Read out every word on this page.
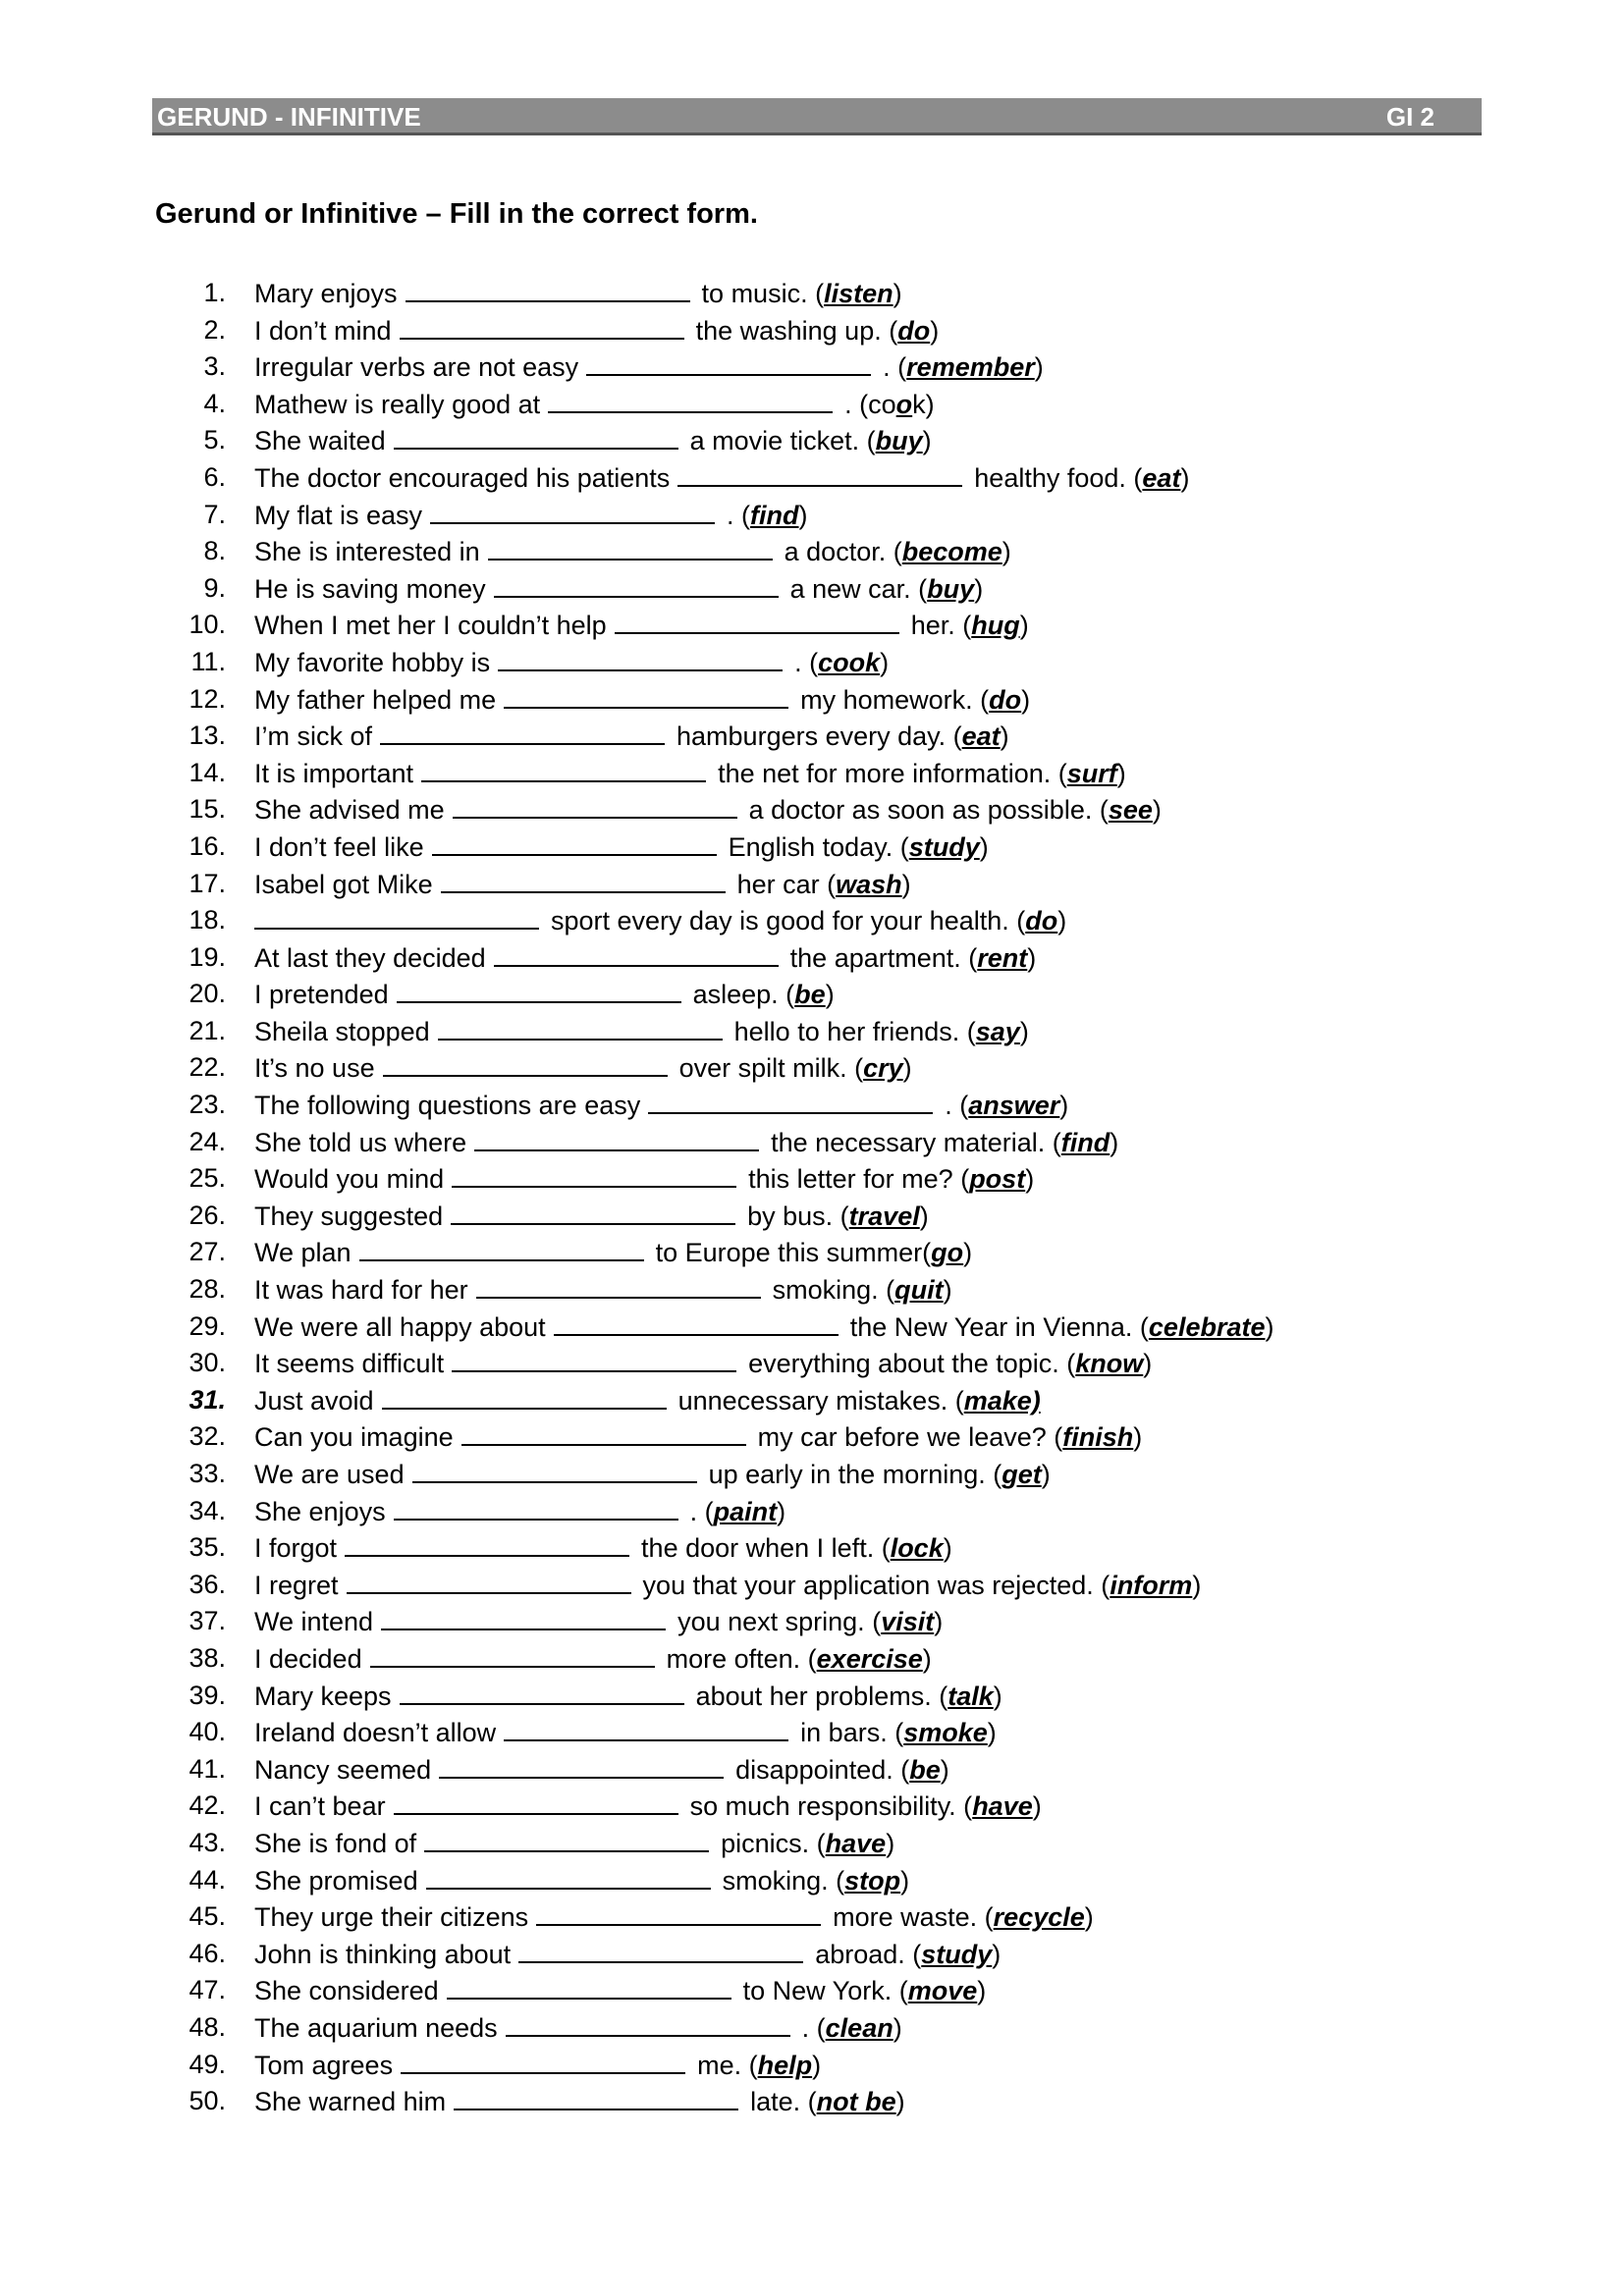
GERUND - INFINITIVE	GI 2
Gerund or Infinitive – Fill in the correct form.
1. Mary enjoys	to music. (listen)
2. I don’t mind	the washing up. (do)
3. Irregular verbs are not easy	. (remember)
4. Mathew is really good at	. (cook)
5. She waited	a movie ticket. (buy)
6. The doctor encouraged his patients	healthy food. (eat)
7. My flat is easy	. (find)
8. She is interested in	a doctor. (become)
9. He is saving money	a new car. (buy)
10. When I met her I couldn’t help	her. (hug)
11. My favorite hobby is	. (cook)
12. My father helped me	my homework. (do)
13. I’m sick of	hamburgers every day. (eat)
14. It is important	the net for more information. (surf)
15. She advised me	a doctor as soon as possible. (see)
16. I don’t feel like	English today. (study)
17. Isabel got Mike	her car (wash)
18.	sport every day is good for your health. (do)
19. At last they decided	the apartment. (rent)
20. I pretended	asleep. (be)
21. Sheila stopped	hello to her friends. (say)
22. It’s no use	over spilt milk. (cry)
23. The following questions are easy	. (answer)
24. She told us where	the necessary material. (find)
25. Would you mind	this letter for me? (post)
26. They suggested	by bus. (travel)
27. We plan	to Europe this summer(go)
28. It was hard for her	smoking. (quit)
29. We were all happy about	the New Year in Vienna. (celebrate)
30. It seems difficult	everything about the topic. (know)
31. Just avoid	unnecessary mistakes. (make)
32. Can you imagine	my car before we leave? (finish)
33. We are used	up early in the morning. (get)
34. She enjoys	. (paint)
35. I forgot	the door when I left. (lock)
36. I regret	you that your application was rejected. (inform)
37. We intend	you next spring. (visit)
38. I decided	more often. (exercise)
39. Mary keeps	about her problems. (talk)
40. Ireland doesn’t allow	in bars. (smoke)
41. Nancy seemed	disappointed. (be)
42. I can’t bear	so much responsibility. (have)
43. She is fond of	picnics. (have)
44. She promised	smoking. (stop)
45. They urge their citizens	more waste. (recycle)
46. John is thinking about	abroad. (study)
47. She considered	to New York. (move)
48. The aquarium needs	. (clean)
49. Tom agrees	me. (help)
50. She warned him	late. (not be)
